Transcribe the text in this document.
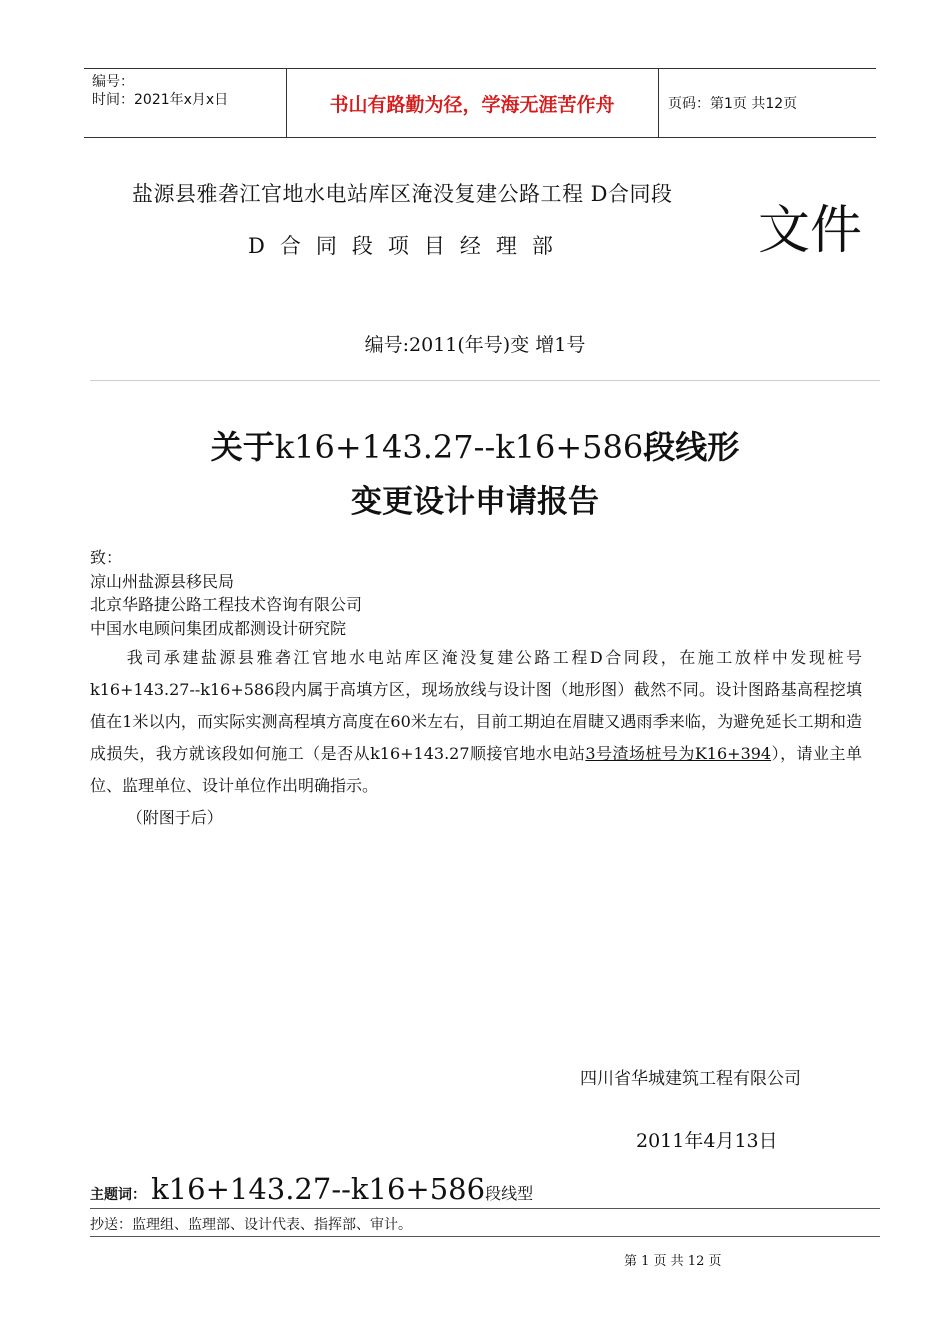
编号：
时间：2021年x月x日	书山有路勤为径，学海无涯苦作舟	页码：第1页 共12页
盐源县雅砻江官地水电站库区淹没复建公路工程 D合同段
D合同段项目经理部	文件
编号:2011(年号)变 增1号
关于k16+143.27--k16+586段线形
变更设计申请报告
致：
凉山州盐源县移民局
北京华路捷公路工程技术咨询有限公司
中国水电顾问集团成都测设计研究院

我司承建盐源县雅砻江官地水电站库区淹没复建公路工程D合同段，在施工放样中发现桩号k16+143.27--k16+586段内属于高填方区，现场放线与设计图（地形图）截然不同。设计图路基高程挖填值在1米以内，而实际实测高程填方高度在60米左右，目前工期迫在眉睫又遇雨季来临，为避免延长工期和造成损失，我方就该段如何施工（是否从k16+143.27顺接官地水电站3号渣场桩号为K16+394），请业主单位、监理单位、设计单位作出明确指示。

（附图于后）

四川省华城建筑工程有限公司
2011年4月13日
主题词： k16+143.27--k16+586段线型
抄送：监理组、监理部、设计代表、指挥部、审计。
第 1 页 共 12 页
